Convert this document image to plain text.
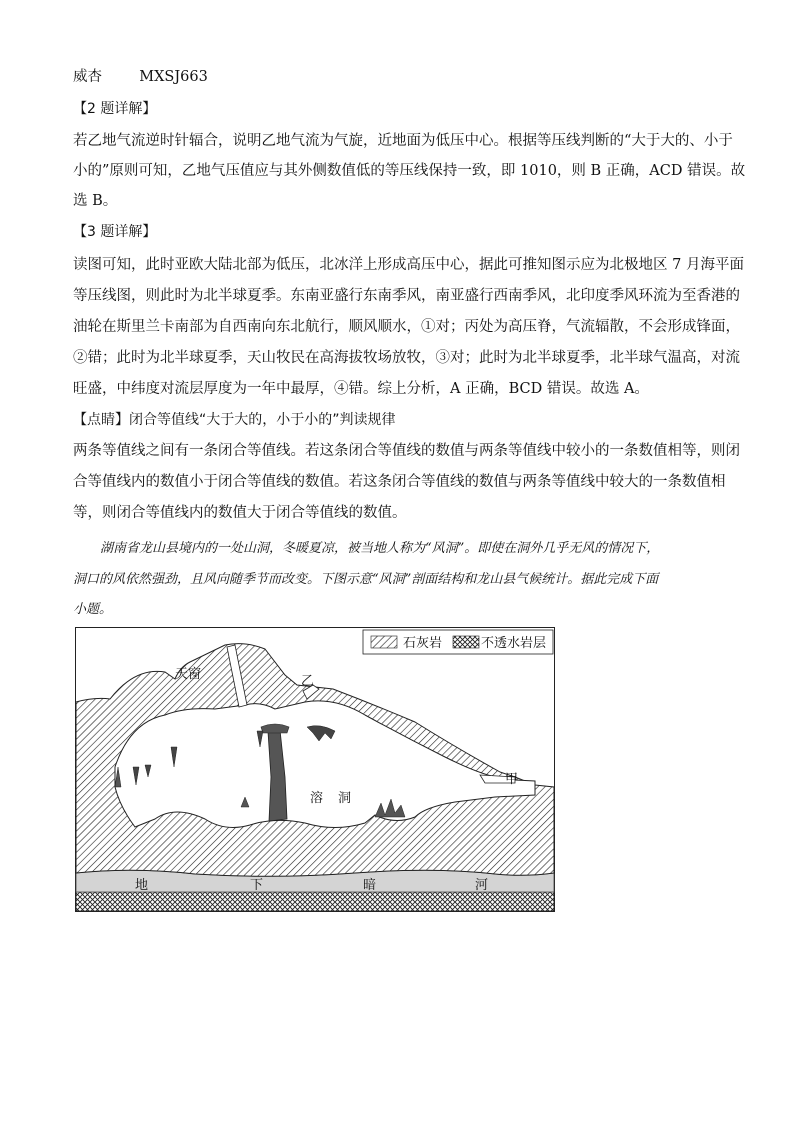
威杏	MXSJ663
【2 题详解】
若乙地气流逆时针辐合，说明乙地气流为气旋，近地面为低压中心。根据等压线判断的“大于大的、小于
小的”原则可知，乙地气压值应与其外侧数值低的等压线保持一致，即 1010，则 B 正确，ACD 错误。故
选 B。
【3 题详解】
读图可知，此时亚欧大陆北部为低压，北冰洋上形成高压中心，据此可推知图示应为北极地区 7 月海平面
等压线图，则此时为北半球夏季。东南亚盛行东南季风，南亚盛行西南季风，北印度季风环流为至香港的
油轮在斯里兰卡南部为自西南向东北航行，顺风顺水，①对；丙处为高压脊，气流辐散，不会形成锋面，
②错；此时为北半球夏季，天山牧民在高海拔牧场放牧，③对；此时为北半球夏季，北半球气温高，对流
旺盛，中纬度对流层厚度为一年中最厚，④错。综上分析，A 正确，BCD 错误。故选 A。
【点睛】闭合等值线“大于大的，小于小的”判读规律
两条等值线之间有一条闭合等值线。若这条闭合等值线的数值与两条等值线中较小的一条数值相等，则闭
合等值线内的数值小于闭合等值线的数值。若这条闭合等值线的数值与两条等值线中较大的一条数值相
等，则闭合等值线内的数值大于闭合等值线的数值。
湖南省龙山县境内的一处山洞，冬暖夏凉，被当地人称为“风洞”。即使在洞外几乎无风的情况下，
洞口的风依然强劲，且风向随季节而改变。下图示意“风洞”剖面结构和龙山县气候统计。据此完成下面
小题。
石灰岩	不透水岩层
天窗	乙
甲
溶 洞
地	下	暗	河
